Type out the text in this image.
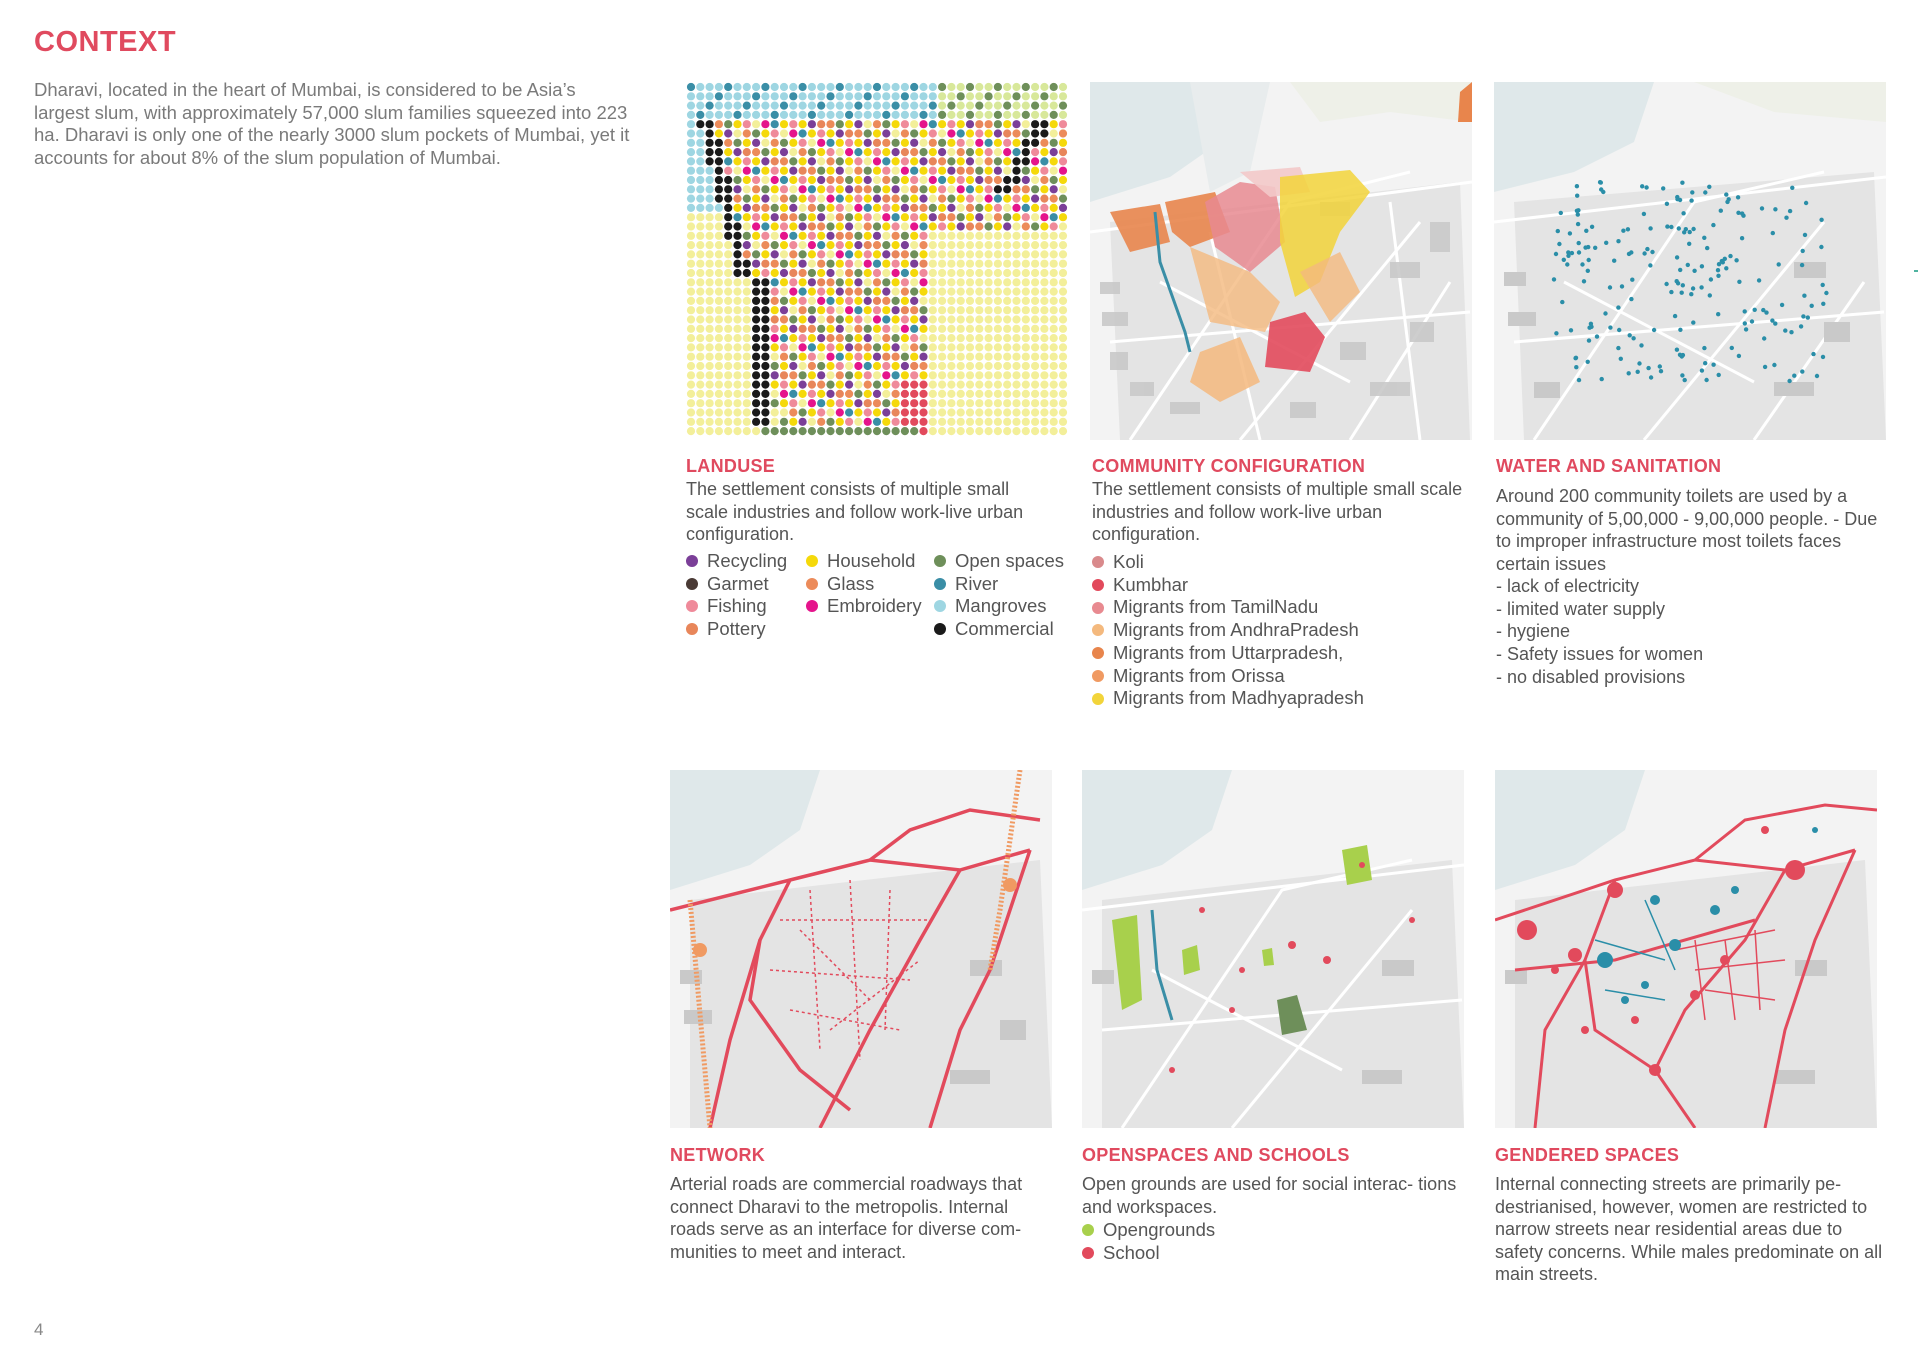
CONTEXT
Dharavi, located in the heart of Mumbai, is considered to be Asia’s largest slum, with approximately 57,000 slum families squeezed into 223 ha. Dharavi is only one of the nearly 3000 slum pockets of Mumbai, yet it accounts for about 8% of the slum population of Mumbai.
4
LANDUSE
The settlement consists of multiple small scale industries and follow work-live urban configuration.
Recycling Household Open spaces
Garmet	Glass	River
Fishing	Embroidery Mangroves
Pottery	Commercial
COMMUNITY CONFIGURATION
The settlement consists of multiple small scale industries and follow work-live urban configuration.
Koli
Kumbhar
Migrants from TamilNadu
Migrants from AndhraPradesh
Migrants from Uttarpradesh,
Migrants from Orissa
Migrants from Madhyapradesh
WATER AND SANITATION
Around 200 community toilets are used by a community of 5,00,000 - 9,00,000 people. - Due to improper infrastructure most toilets faces certain issues
- lack of electricity
- limited water supply
- hygiene
- Safety issues for women
- no disabled provisions
NETWORK
Arterial roads are commercial roadways that connect Dharavi to the metropolis. Internal roads serve as an interface for diverse com- munities to meet and interact.
OPENSPACES AND SCHOOLS
Open grounds are used for social interac- tions and workspaces.
Opengrounds
School
GENDERED SPACES
Internal connecting streets are primarily pe- destrianised, however, women are restricted to narrow streets near residential areas due to safety concerns. While males predominate on all main streets.
